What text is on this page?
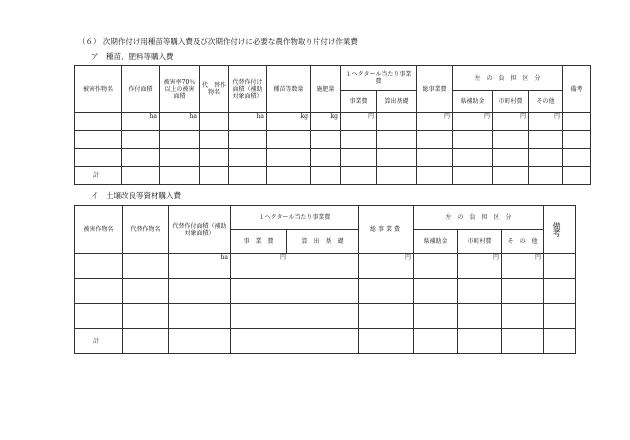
（６） 次期作付け用種苗等購入費及び次期作付けに必要な農作物取り片付け作業費
ア　種苗、肥料等購入費
被害作物名	作付面積	被害率70％以上の被害面積	代　替作物名	代替作付け面積（補助対象面積）	種苗等数量	施肥量	１ヘクタール当たり事業費		総事業費	左　の　負　担　区　分			備考
							事業費	算出基礎		県補助金	市町村費	その他	
	ha	ha		ha	kg	kg	円		円	円	円	円	

計													
イ　土壌改良等資材購入費
被害作物名	代替作物名	代替作付面積（補助対象面積）	１ヘクタール当たり事業費		総事業費	左　の　負　担　区　分			備　考
			事　業　費	算　出　基　礎		県補助金	市町村費	そ　の　他	
		ha	円		円		円	円	

計									
